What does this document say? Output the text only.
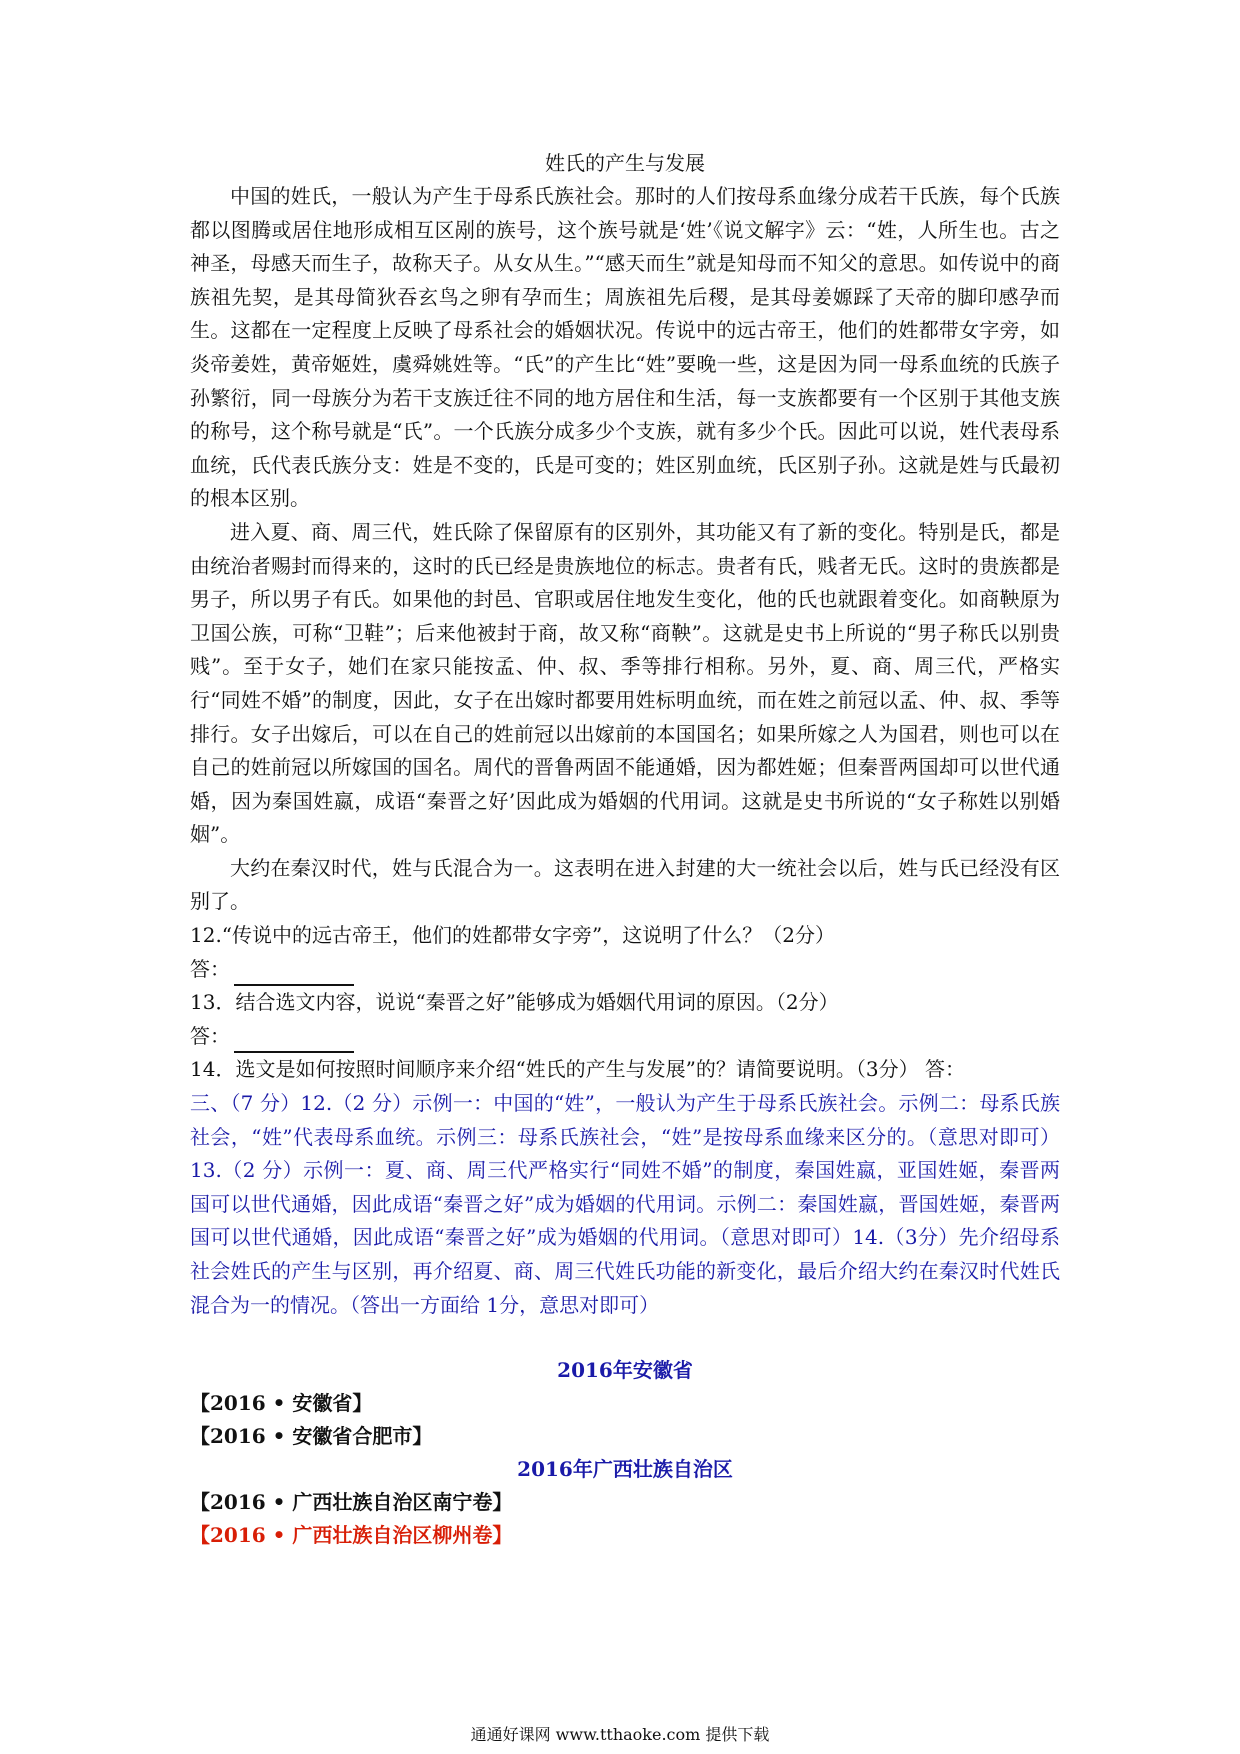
姓氏的产生与发展

中国的姓氏，一般认为产生于母系氏族社会。那时的人们按母系血缘分成若干氏族，每个氏族都以图腾或居住地形成相互区剐的族号，这个族号就是‘姓’《说文解字》云：“姓，人所生也。古之神圣，母感天而生子，故称天子。从女从生。”“感天而生”就是知母而不知父的意思。如传说中的商族祖先契，是其母简狄吞玄鸟之卵有孕而生；周族祖先后稷，是其母姜嫄踩了天帝的脚印感孕而生。这都在一定程度上反映了母系社会的婚姻状况。传说中的远古帝王，他们的姓都带女字旁，如炎帝姜姓，黄帝姬姓，虞舜姚姓等。“氏”的产生比“姓”要晚一些，这是因为同一母系血统的氏族子孙繁衍，同一母族分为若干支族迁往不同的地方居住和生活，每一支族都要有一个区别于其他支族的称号，这个称号就是“氏”。一个氏族分成多少个支族，就有多少个氏。因此可以说，姓代表母系血统，氏代表氏族分支：姓是不变的，氏是可变的；姓区别血统，氏区别子孙。这就是姓与氏最初的根本区别。

进入夏、商、周三代，姓氏除了保留原有的区别外，其功能又有了新的变化。特别是氏，都是由统治者赐封而得来的，这时的氏已经是贵族地位的标志。贵者有氏，贱者无氏。这时的贵族都是男子，所以男子有氏。如果他的封邑、官职或居住地发生变化，他的氏也就跟着变化。如商鞅原为卫国公族，可称“卫鞋”；后来他被封于商，故又称“商鞅”。这就是史书上所说的“男子称氏以别贵贱”。至于女子，她们在家只能按孟、仲、叔、季等排行相称。另外，夏、商、周三代，严格实行“同姓不婚”的制度，因此，女子在出嫁时都要用姓标明血统，而在姓之前冠以孟、仲、叔、季等排行。女子出嫁后，可以在自己的姓前冠以出嫁前的本国国名；如果所嫁之人为国君，则也可以在自己的姓前冠以所嫁国的国名。周代的晋鲁两固不能通婚，因为都姓姬；但秦晋两国却可以世代通婚，因为秦国姓嬴，成语“秦晋之好’因此成为婚姻的代用词。这就是史书所说的“女子称姓以别婚姻”。

大约在秦汉时代，姓与氏混合为一。这表明在进入封建的大一统社会以后，姓与氏已经没有区别了。

12.“传说中的远古帝王，他们的姓都带女字旁”，这说明了什么？（2分）
答：
13．结合选文内容，说说“秦晋之好”能够成为婚姻代用词的原因。（2分）
答：
14．选文是如何按照时间顺序来介绍“姓氏的产生与发展”的？请简要说明。（3分） 答：

三、（7 分）12.（2 分）示例一：中国的“姓”，一般认为产生于母系氏族社会。示例二：母系氏族社会，“姓”代表母系血统。示例三：母系氏族社会，“姓”是按母系血缘来区分的。（意思对即可）13.（2 分）示例一：夏、商、周三代严格实行“同姓不婚”的制度，秦国姓嬴，亚国姓姬，秦晋两国可以世代通婚，因此成语“秦晋之好”成为婚姻的代用词。示例二：秦国姓嬴，晋国姓姬，秦晋两国可以世代通婚，因此成语“秦晋之好”成为婚姻的代用词。（意思对即可）14.（3分）先介绍母系社会姓氏的产生与区别，再介绍夏、商、周三代姓氏功能的新变化，最后介绍大约在秦汉时代姓氏混合为一的情况。（答出一方面给 1分，意思对即可）

2016年安徽省
【2016 • 安徽省】
【2016 • 安徽省合肥市】
2016年广西壮族自治区
【2016 • 广西壮族自治区南宁卷】
【2016 • 广西壮族自治区柳州卷】
通通好课网 www.tthaoke.com 提供下载
